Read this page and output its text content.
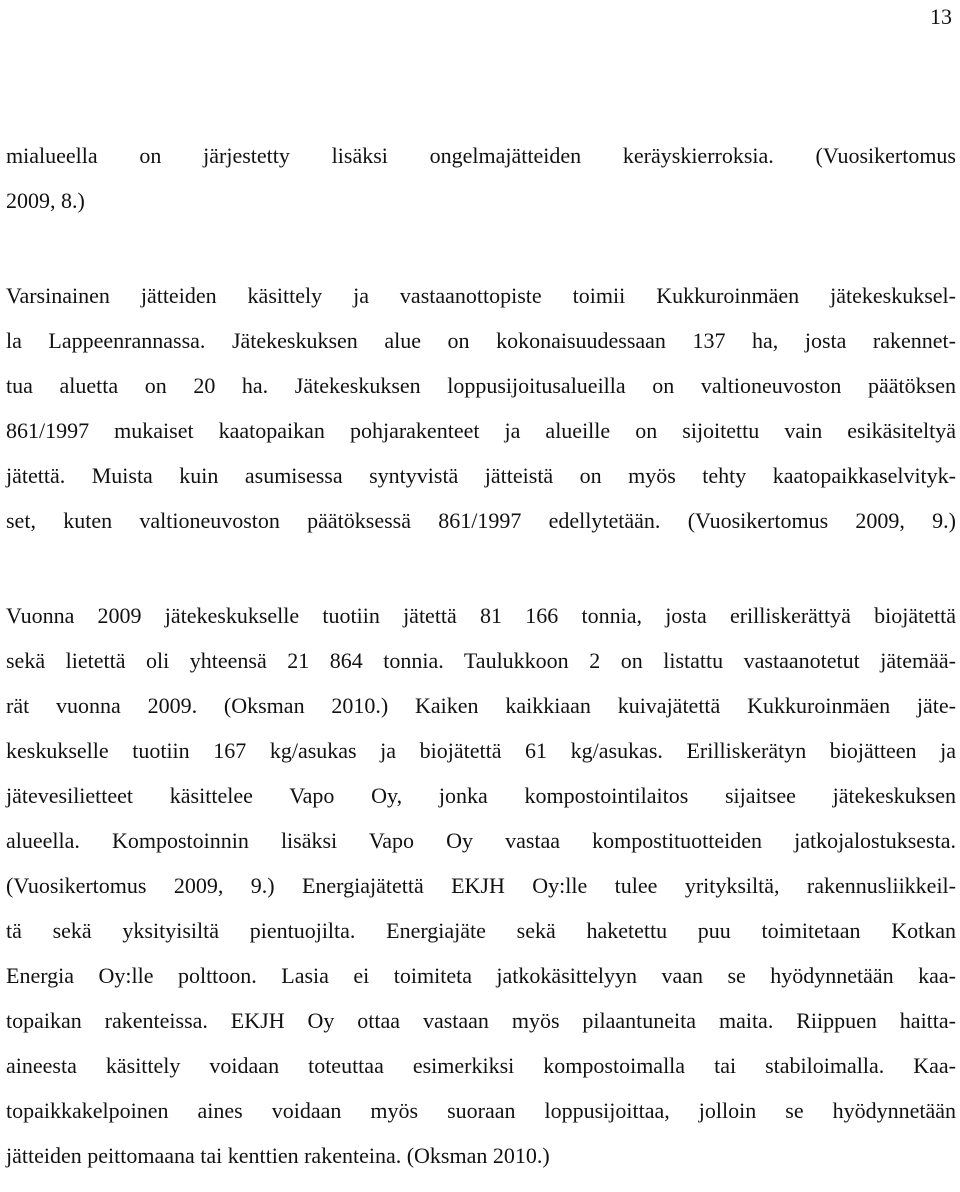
13
mialueella on järjestetty lisäksi ongelmajätteiden keräyskierroksia. (Vuosikertomus
2009, 8.)
Varsinainen jätteiden käsittely ja vastaanottopiste toimii Kukkuroinmäen jätekeskuksel-
la Lappeenrannassa. Jätekeskuksen alue on kokonaisuudessaan 137 ha, josta rakennet-
tua aluetta on 20 ha. Jätekeskuksen loppusijoitusalueilla on valtioneuvoston päätöksen
861/1997 mukaiset kaatopaikan pohjarakenteet ja alueille on sijoitettu vain esikäsiteltyä
jätettä. Muista kuin asumisessa syntyvistä jätteistä on myös tehty kaatopaikkaselvityk-
set, kuten valtioneuvoston päätöksessä 861/1997 edellytetään. (Vuosikertomus 2009, 9.)
Vuonna 2009 jätekeskukselle tuotiin jätettä 81 166 tonnia, josta erilliskerättyä biojätettä
sekä lietettä oli yhteensä 21 864 tonnia. Taulukkoon 2 on listattu vastaanotetut jätemää-
rät vuonna 2009. (Oksman 2010.) Kaiken kaikkiaan kuivajätettä Kukkuroinmäen jäte-
keskukselle tuotiin 167 kg/asukas ja biojätettä 61 kg/asukas. Erilliskerätyn biojätteen ja
jätevesilietteet käsittelee Vapo Oy, jonka kompostointilaitos sijaitsee jätekeskuksen
alueella. Kompostoinnin lisäksi Vapo Oy vastaa kompostituotteiden jatkojalostuksesta.
(Vuosikertomus 2009, 9.) Energiajätettä EKJH Oy:lle tulee yrityksiltä, rakennusliikkeil-
tä sekä yksityisiltä pientuojilta. Energiajäte sekä haketettu puu toimitetaan Kotkan
Energia Oy:lle polttoon. Lasia ei toimiteta jatkokäsittelyyn vaan se hyödynnetään kaa-
topaikan rakenteissa. EKJH Oy ottaa vastaan myös pilaantuneita maita. Riippuen haitta-
aineesta käsittely voidaan toteuttaa esimerkiksi kompostoimalla tai stabiloimalla. Kaa-
topaikkakelpoinen aines voidaan myös suoraan loppusijoittaa, jolloin se hyödynnetään
jätteiden peittomaana tai kenttien rakenteina. (Oksman 2010.)
